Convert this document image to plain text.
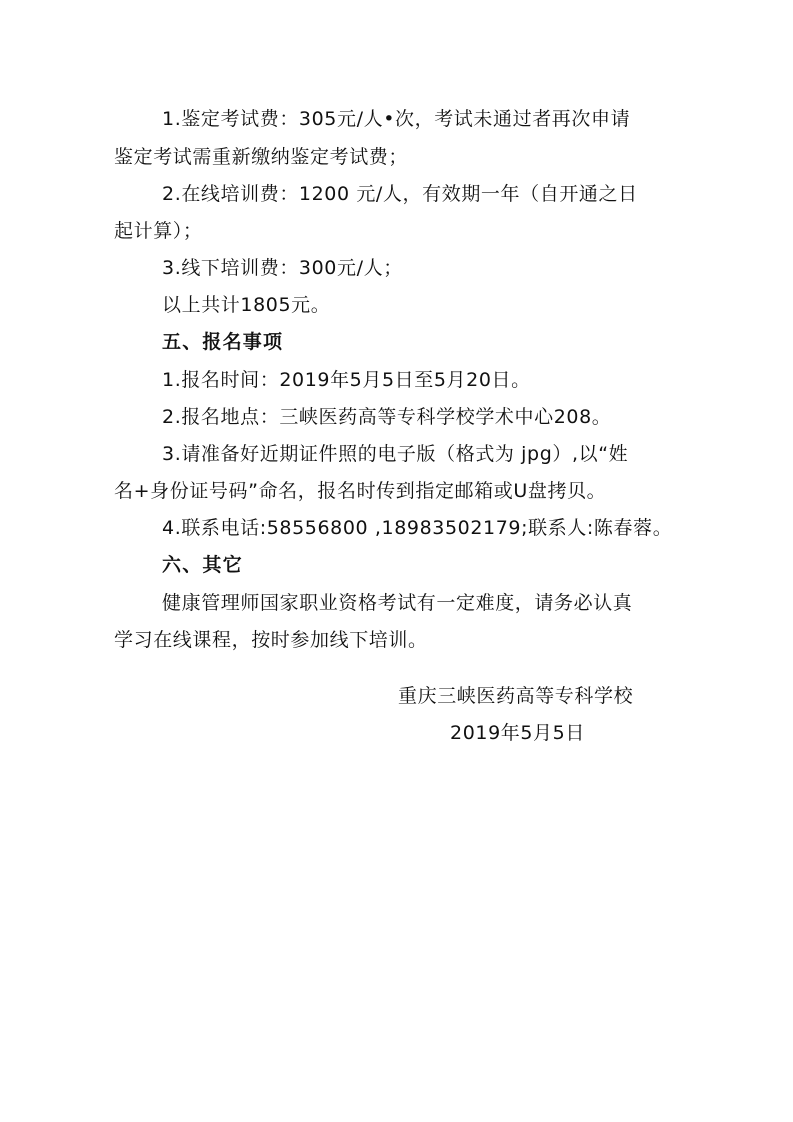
1.鉴定考试费：305元/人•次，考试未通过者再次申请
鉴定考试需重新缴纳鉴定考试费；
2.在线培训费：1200 元/人，有效期一年（自开通之日
起计算）；
3.线下培训费：300元/人；
以上共计1805元。
五、报名事项
1.报名时间：2019年5月5日至5月20日。
2.报名地点：三峡医药高等专科学校学术中心208。
3.请准备好近期证件照的电子版（格式为 jpg）,以“姓
名+身份证号码”命名，报名时传到指定邮箱或U盘拷贝。
4.联系电话:58556800 ,18983502179;联系人:陈春蓉。
六、其它
健康管理师国家职业资格考试有一定难度，请务必认真
学习在线课程，按时参加线下培训。
重庆三峡医药高等专科学校
2019年5月5日
